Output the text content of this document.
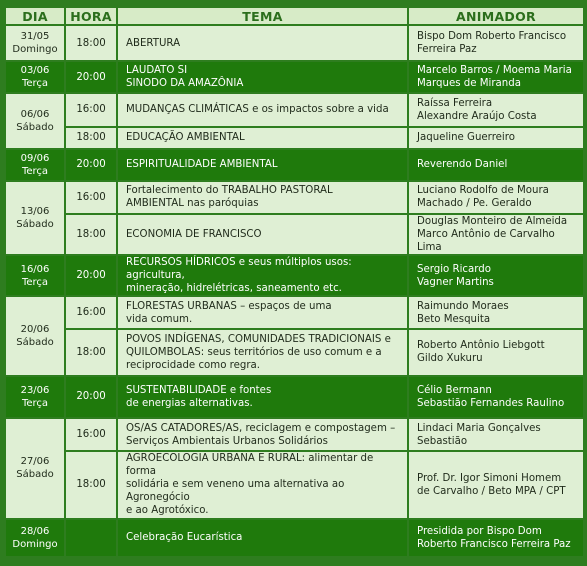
DIA	HORA	TEMA	ANIMADOR
31/05
Domingo	18:00	ABERTURA	Bispo Dom Roberto Francisco
Ferreira Paz
03/06
Terça	20:00	LAUDATO SI
SINODO DA AMAZÔNIA	Marcelo Barros / Moema Maria
Marques de Miranda
06/06
Sábado	16:00	MUDANÇAS CLIMÁTICAS e os impactos sobre a vida	Raíssa Ferreira
Alexandre Araújo Costa
	18:00	EDUCAÇÃO AMBIENTAL	Jaqueline Guerreiro
09/06
Terça	20:00	ESPIRITUALIDADE AMBIENTAL	Reverendo Daniel
13/06
Sábado	16:00	Fortalecimento do TRABALHO PASTORAL
AMBIENTAL nas paróquias	Luciano Rodolfo de Moura
Machado / Pe. Geraldo
	18:00	ECONOMIA DE FRANCISCO	Douglas Monteiro de Almeida
Marco Antônio de Carvalho Lima
16/06
Terça	20:00	RECURSOS HÍDRICOS e seus múltiplos usos: agricultura,
mineração, hidrelétricas, saneamento etc.	Sergio Ricardo
Vagner Martins
20/06
Sábado	16:00	FLORESTAS URBANAS – espaços de uma
vida comum.	Raimundo Moraes
Beto Mesquita
	18:00	POVOS INDÍGENAS, COMUNIDADES TRADICIONAIS e
QUILOMBOLAS: seus territórios de uso comum e a
reciprocidade como regra.	Roberto Antônio Liebgott
Gildo Xukuru
23/06
Terça	20:00	SUSTENTABILIDADE e fontes
de energias alternativas.	Célio Bermann
Sebastião Fernandes Raulino
27/06
Sábado	16:00	OS/AS CATADORES/AS, reciclagem e compostagem –
Serviços Ambientais Urbanos Solidários	Lindaci Maria Gonçalves
Sebastião
	18:00	AGROECOLOGIA URBANA E RURAL: alimentar de forma
solidária e sem veneno uma alternativa ao Agronegócio
e ao Agrotóxico.	Prof. Dr. Igor Simoni Homem
de Carvalho / Beto MPA / CPT
28/06
Domingo		Celebração Eucarística	Presidida por Bispo Dom
Roberto Francisco Ferreira Paz
